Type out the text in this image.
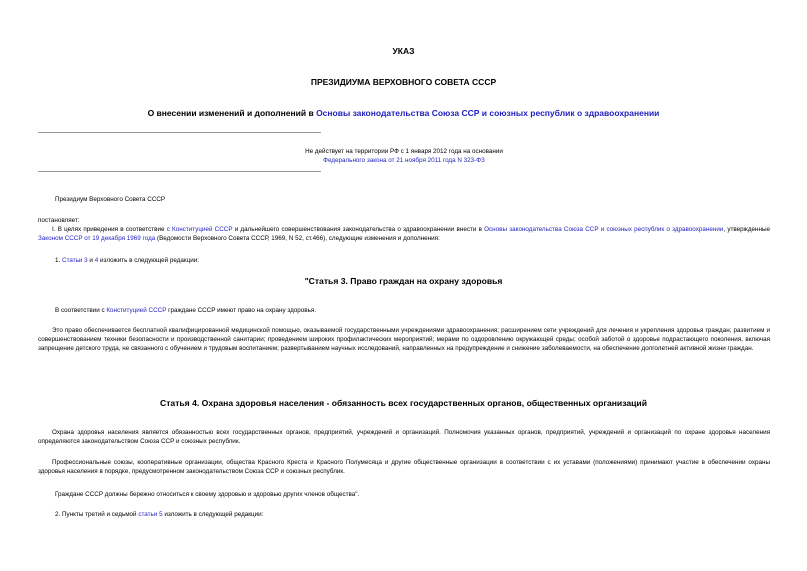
УКАЗ
ПРЕЗИДИУМА ВЕРХОВНОГО СОВЕТА СССР
О внесении изменений и дополнений в Основы законодательства Союза ССР и союзных республик о здравоохранении
Не действует на территории РФ с 1 января 2012 года на основании
Федерального закона от 21 ноября 2011 года N 323-ФЗ
Президиум Верховного Совета СССР
постановляет:
I. В целях приведения в соответствие с Конституцией СССР и дальнейшего совершенствования законодательства о здравоохранении внести в Основы законодательства Союза ССР и союзных республик о здравоохранении, утвержденные Законом СССР от 19 декабря 1969 года (Ведомости Верховного Совета СССР, 1969, N 52, ст.466), следующие изменения и дополнения:
1. Статьи 3 и 4 изложить в следующей редакции:
"Статья 3. Право граждан на охрану здоровья
В соответствии с Конституцией СССР граждане СССР имеют право на охрану здоровья.
Это право обеспечивается бесплатной квалифицированной медицинской помощью, оказываемой государственными учреждениями здравоохранения; расширением сети учреждений для лечения и укрепления здоровья граждан; развитием и совершенствованием техники безопасности и производственной санитарии; проведением широких профилактических мероприятий; мерами по оздоровлению окружающей среды; особой заботой о здоровье подрастающего поколения, включая запрещение детского труда, не связанного с обучением и трудовым воспитанием; развертыванием научных исследований, направленных на предупреждение и снижение заболеваемости, на обеспечение долголетней активной жизни граждан.
Статья 4. Охрана здоровья населения - обязанность всех государственных органов, общественных организаций
Охрана здоровья населения является обязанностью всех государственных органов, предприятий, учреждений и организаций. Полномочия указанных органов, предприятий, учреждений и организаций по охране здоровья населения определяются законодательством Союза ССР и союзных республик.
Профессиональные союзы, кооперативные организации, общества Красного Креста и Красного Полумесяца и другие общественные организации в соответствии с их уставами (положениями) принимают участие в обеспечении охраны здоровья населения в порядке, предусмотренном законодательством Союза ССР и союзных республик.
Граждане СССР должны бережно относиться к своему здоровью и здоровью других членов общества".
2. Пункты третий и седьмой статьи 5 изложить в следующей редакции:
